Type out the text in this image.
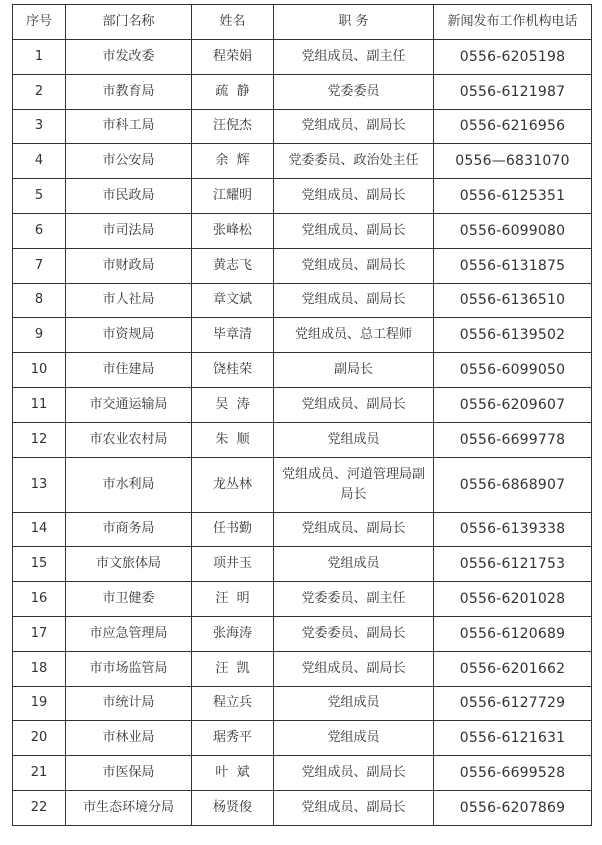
序号	部门名称	姓名	职 务	新闻发布工作机构电话
1	市发改委	程荣娟	党组成员、副主任	0556-6205198
2	市教育局	疏  静	党委委员	0556-6121987
3	市科工局	汪倪杰	党组成员、副局长	0556-6216956
4	市公安局	余  辉	党委委员、政治处主任	0556—6831070
5	市民政局	江耀明	党组成员、副局长	0556-6125351
6	市司法局	张峰松	党组成员、副局长	0556-6099080
7	市财政局	黄志飞	党组成员、副局长	0556-6131875
8	市人社局	章文斌	党组成员、副局长	0556-6136510
9	市资规局	毕章清	党组成员、总工程师	0556-6139502
10	市住建局	饶桂荣	副局长	0556-6099050
11	市交通运输局	吴  涛	党组成员、副局长	0556-6209607
12	市农业农村局	朱  顺	党组成员	0556-6699778
13	市水利局	龙丛林	党组成员、河道管理局副局长	0556-6868907
14	市商务局	任书勤	党组成员、副局长	0556-6139338
15	市文旅体局	项井玉	党组成员	0556-6121753
16	市卫健委	汪  明	党委委员、副主任	0556-6201028
17	市应急管理局	张海涛	党委委员、副局长	0556-6120689
18	市市场监管局	汪  凯	党组成员、副局长	0556-6201662
19	市统计局	程立兵	党组成员	0556-6127729
20	市林业局	琚秀平	党组成员	0556-6121631
21	市医保局	叶  斌	党组成员、副局长	0556-6699528
22	市生态环境分局	杨贤俊	党组成员、副局长	0556-6207869
